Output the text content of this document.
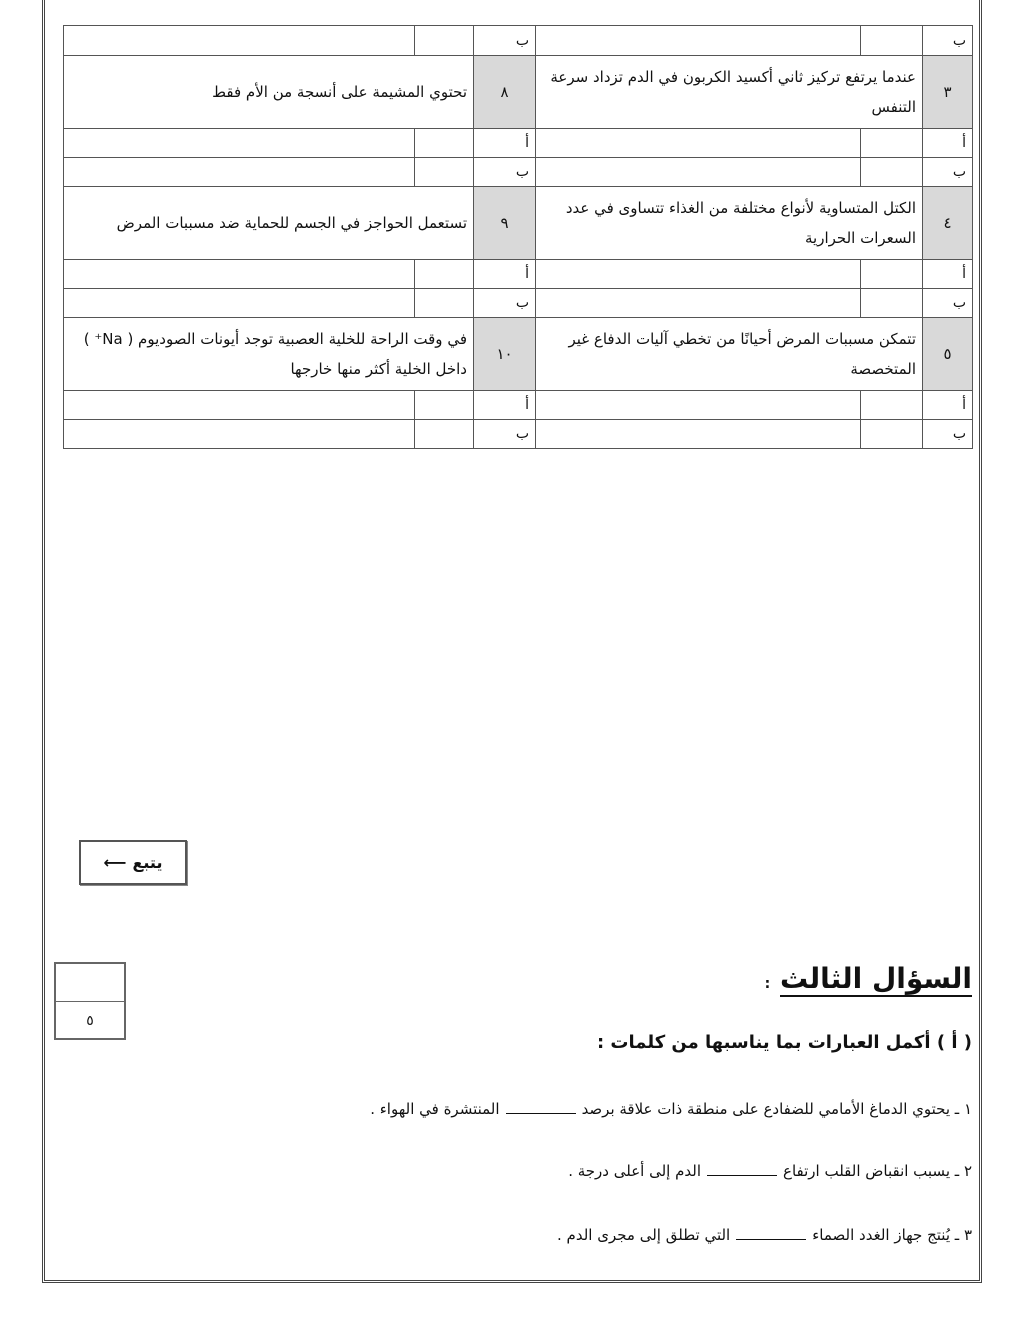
ب			ب		
٣	عندما يرتفع تركيز ثاني أكسيد الكربون في الدم تزداد سرعة التنفس		٨	تحتوي المشيمة على أنسجة من الأم فقط	
أ			أ		
ب			ب		
٤	الكتل المتساوية لأنواع مختلفة من الغذاء تتساوى في عدد السعرات الحرارية		٩	تستعمل الحواجز في الجسم للحماية ضد مسببات المرض	
أ			أ		
ب			ب		
٥	تتمكن مسببات المرض أحيانًا من تخطي آليات الدفاع غير المتخصصة		١٠	في وقت الراحة للخلية العصبية توجد أيونات الصوديوم ( Na⁺ ) داخل الخلية أكثر منها خارجها	
أ			أ		
ب			ب		
يتبع
⟵
٥
السؤال الثالث :
( أ ) أكمل العبارات بما يناسبها من كلمات :
١ ـ يحتوي الدماغ الأمامي للضفادع على منطقة ذات علاقة برصدالمنتشرة في الهواء .
٢ ـ يسبب انقباض القلب ارتفاعالدم إلى أعلى درجة .
٣ ـ يُنتج جهاز الغدد الصماءالتي تطلق إلى مجرى الدم .
